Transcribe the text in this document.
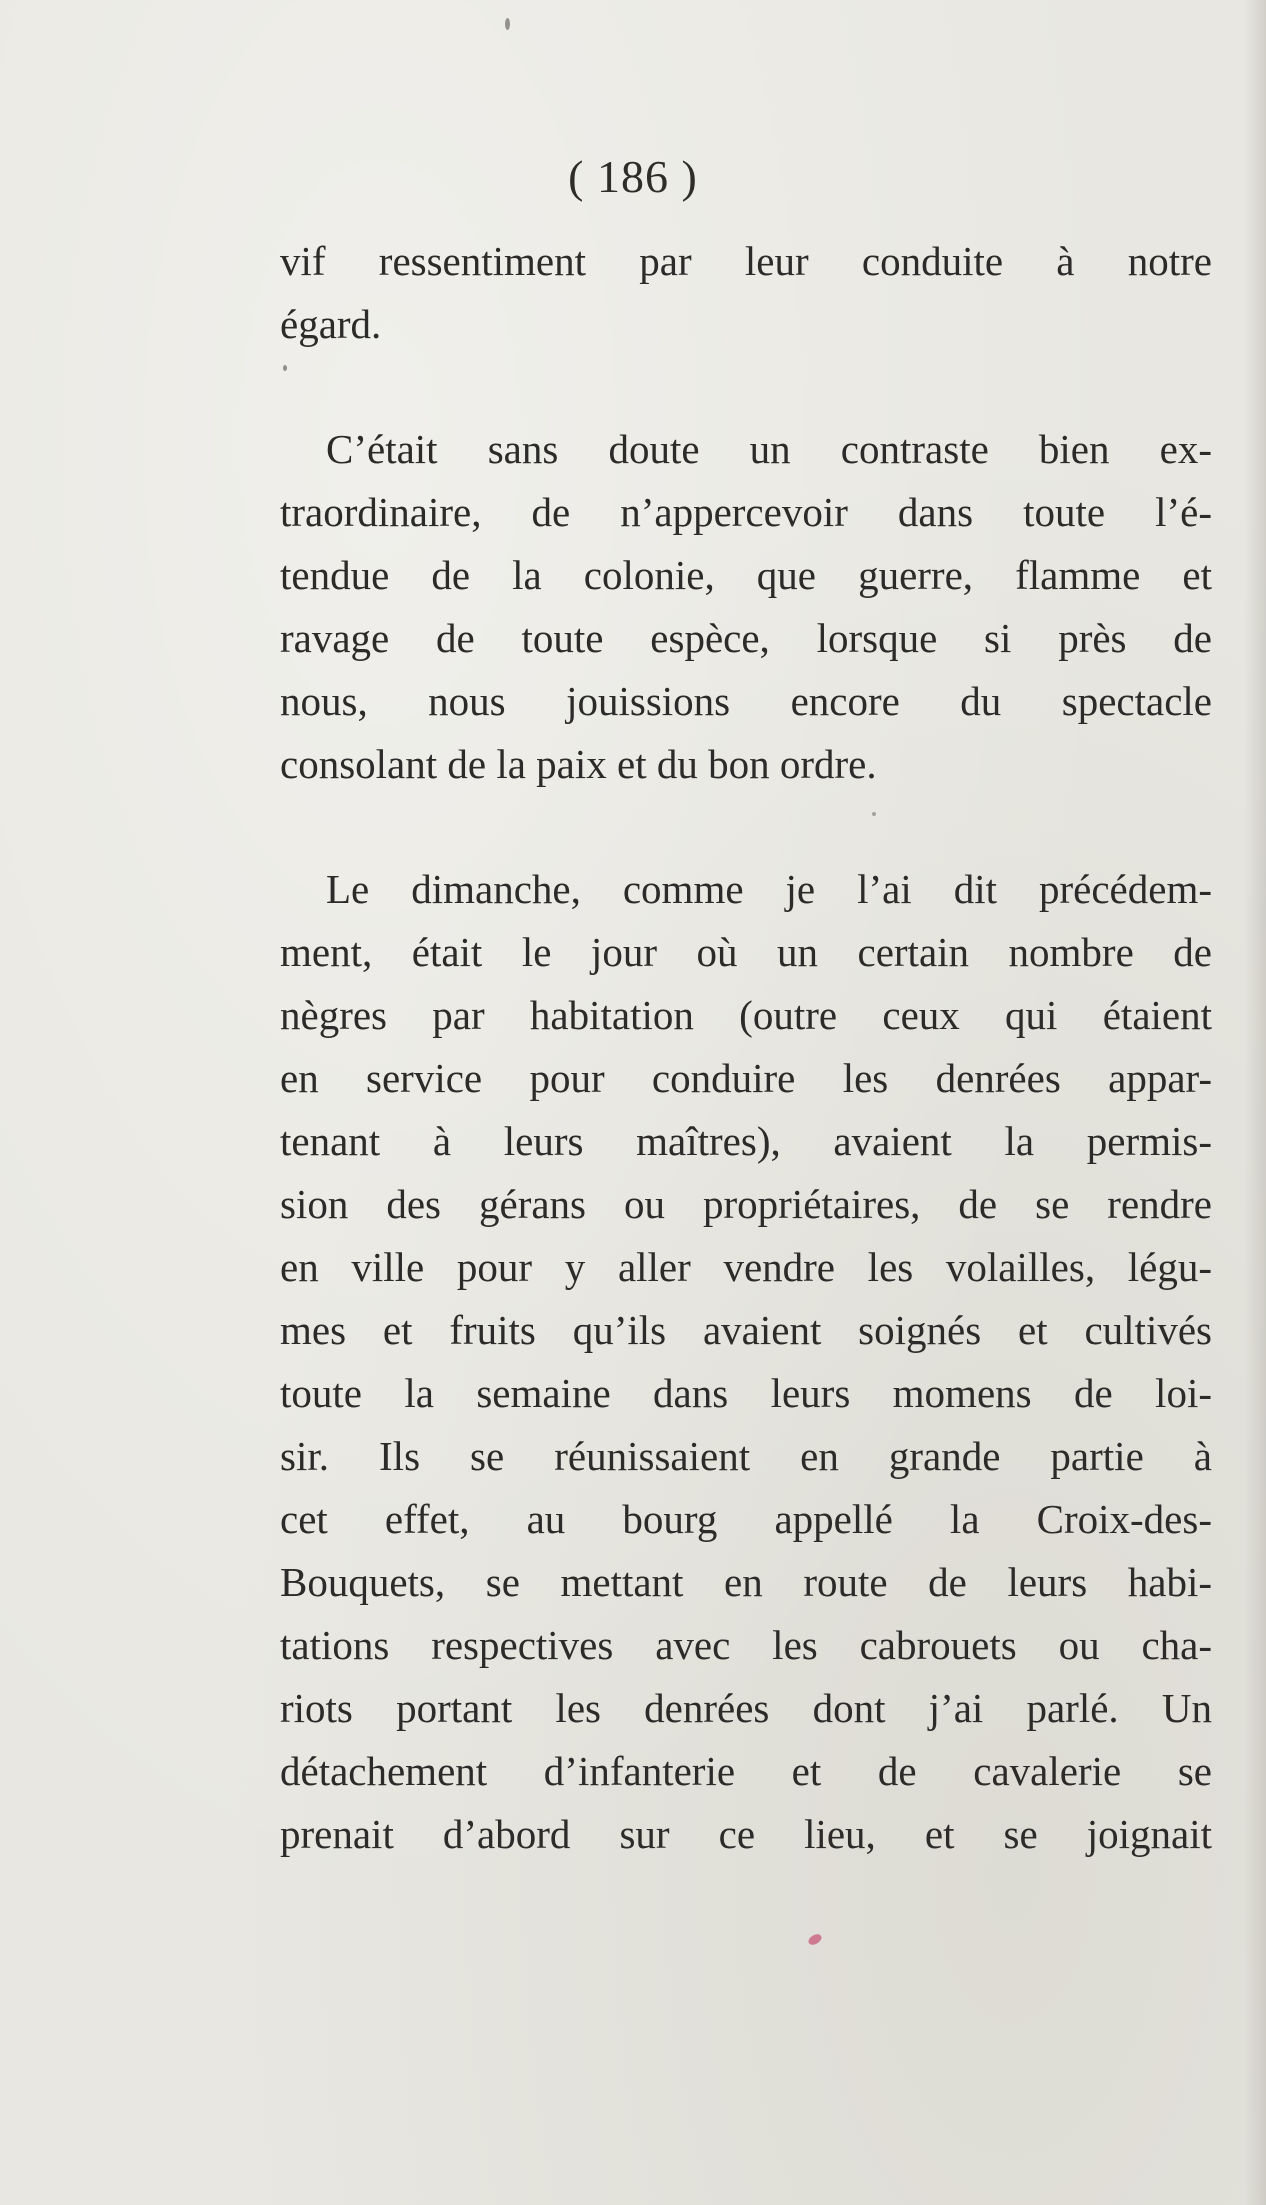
( 186 )
vif ressentiment par leur conduite à notre
égard.
C’était sans doute un contraste bien ex-
traordinaire, de n’appercevoir dans toute l’é-
tendue de la colonie, que guerre, flamme et
ravage de toute espèce, lorsque si près de
nous, nous jouissions encore du spectacle
consolant de la paix et du bon ordre.
Le dimanche, comme je l’ai dit précédem-
ment, était le jour où un certain nombre de
nègres par habitation (outre ceux qui étaient
en service pour conduire les denrées appar-
tenant à leurs maîtres), avaient la permis-
sion des gérans ou propriétaires, de se rendre
en ville pour y aller vendre les volailles, légu-
mes et fruits qu’ils avaient soignés et cultivés
toute la semaine dans leurs momens de loi-
sir. Ils se réunissaient en grande partie à
cet effet, au bourg appellé la Croix-des-
Bouquets, se mettant en route de leurs habi-
tations respectives avec les cabrouets ou cha-
riots portant les denrées dont j’ai parlé. Un
détachement d’infanterie et de cavalerie se
prenait d’abord sur ce lieu, et se joignait
